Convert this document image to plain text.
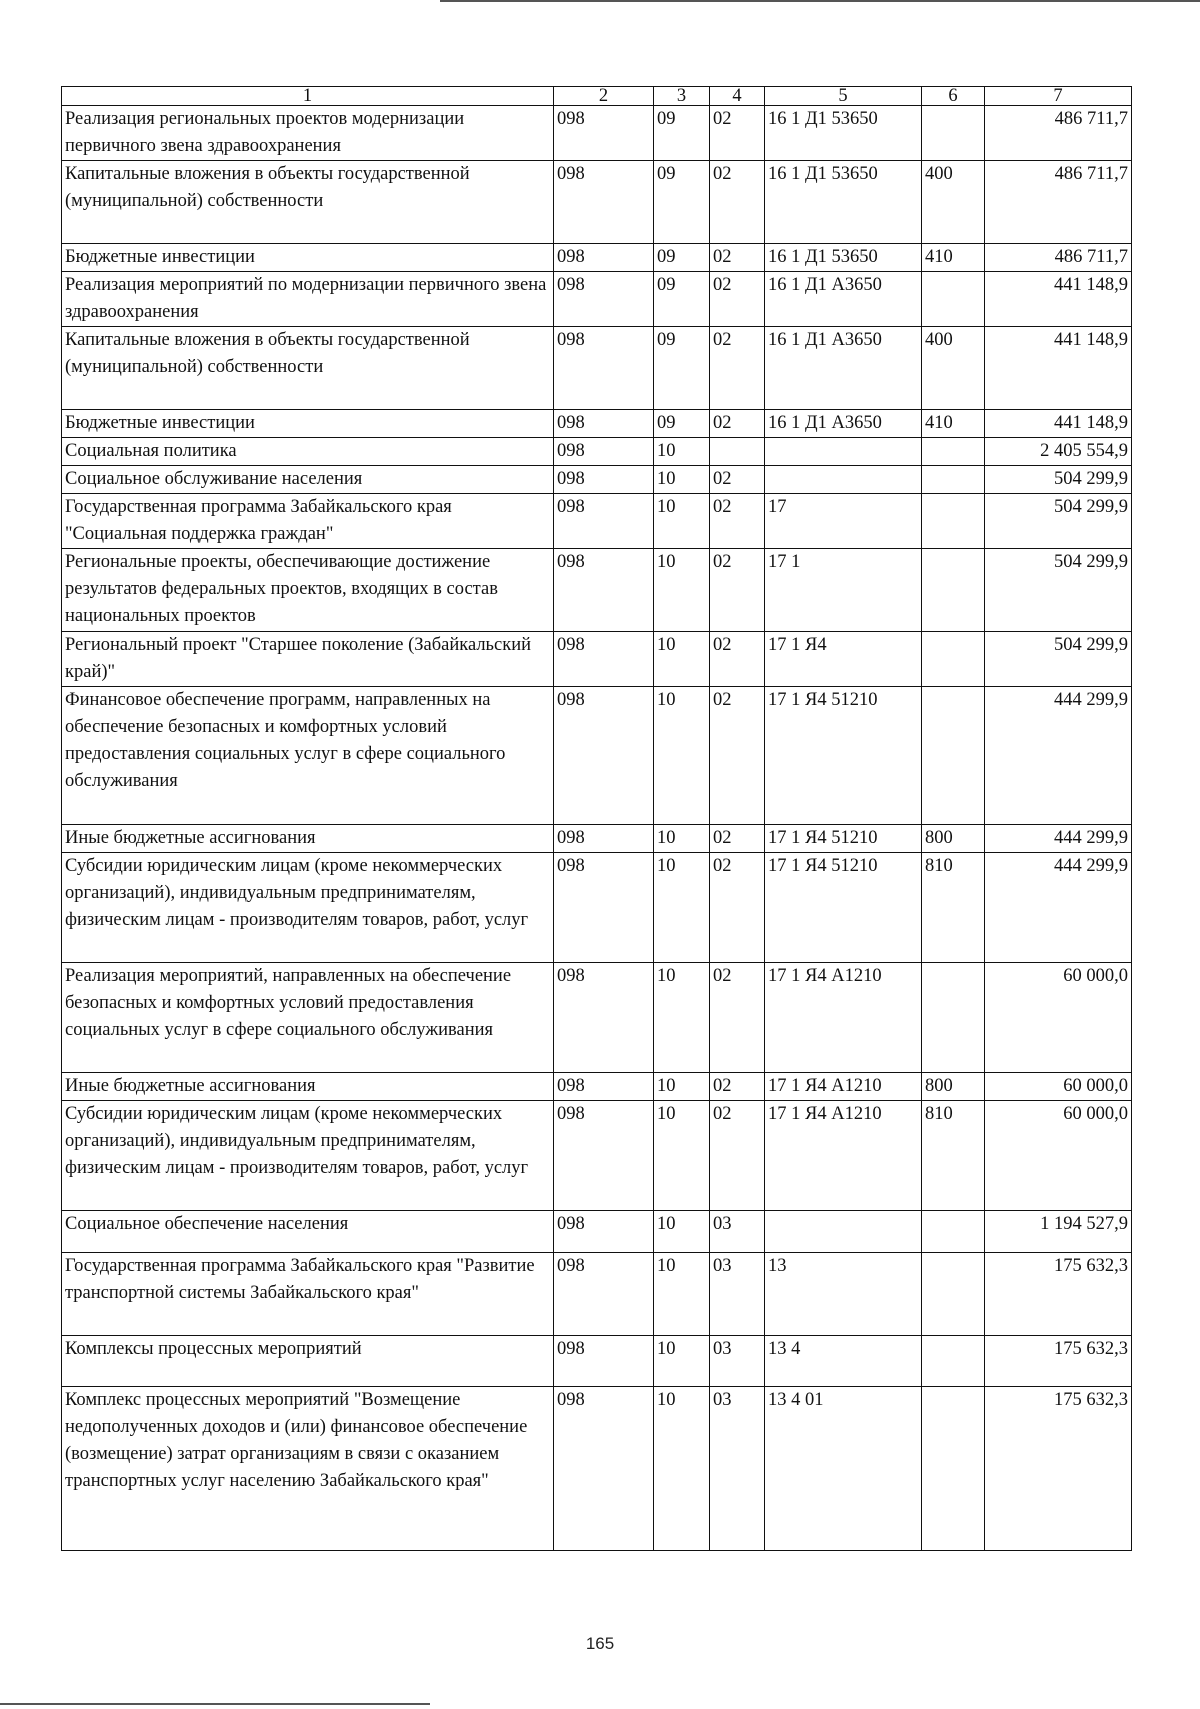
1	2	3	4	5	6	7
Реализация региональных проектов модернизации первичного звена здравоохранения	098	09	02	16 1 Д1 53650		486 711,7
Капитальные вложения в объекты государственной (муниципальной) собственности	098	09	02	16 1 Д1 53650	400	486 711,7
Бюджетные инвестиции	098	09	02	16 1 Д1 53650	410	486 711,7
Реализация мероприятий по модернизации первичного звена здравоохранения	098	09	02	16 1 Д1 А3650		441 148,9
Капитальные вложения в объекты государственной (муниципальной) собственности	098	09	02	16 1 Д1 А3650	400	441 148,9
Бюджетные инвестиции	098	09	02	16 1 Д1 А3650	410	441 148,9
Социальная политика	098	10				2 405 554,9
Социальное обслуживание населения	098	10	02			504 299,9
Государственная программа Забайкальского края "Социальная поддержка граждан"	098	10	02	17		504 299,9
Региональные проекты, обеспечивающие достижение результатов федеральных проектов, входящих в состав национальных проектов	098	10	02	17 1		504 299,9
Региональный проект "Старшее поколение (Забайкальский край)"	098	10	02	17 1 Я4		504 299,9
Финансовое обеспечение программ, направленных на обеспечение безопасных и комфортных условий предоставления социальных услуг в сфере социального обслуживания	098	10	02	17 1 Я4 51210		444 299,9
Иные бюджетные ассигнования	098	10	02	17 1 Я4 51210	800	444 299,9
Субсидии юридическим лицам (кроме некоммерческих организаций), индивидуальным предпринимателям, физическим лицам - производителям товаров, работ, услуг	098	10	02	17 1 Я4 51210	810	444 299,9
Реализация мероприятий, направленных на обеспечение безопасных и комфортных условий предоставления социальных услуг в сфере социального обслуживания	098	10	02	17 1 Я4 А1210		60 000,0
Иные бюджетные ассигнования	098	10	02	17 1 Я4 А1210	800	60 000,0
Субсидии юридическим лицам (кроме некоммерческих организаций), индивидуальным предпринимателям, физическим лицам - производителям товаров, работ, услуг	098	10	02	17 1 Я4 А1210	810	60 000,0
Социальное обеспечение населения	098	10	03			1 194 527,9
Государственная программа Забайкальского края "Развитие транспортной системы Забайкальского края"	098	10	03	13		175 632,3
Комплексы процессных мероприятий	098	10	03	13 4		175 632,3
Комплекс процессных мероприятий "Возмещение недополученных доходов и (или) финансовое обеспечение (возмещение) затрат организациям в связи с оказанием транспортных услуг населению Забайкальского края"	098	10	03	13 4 01		175 632,3
165
